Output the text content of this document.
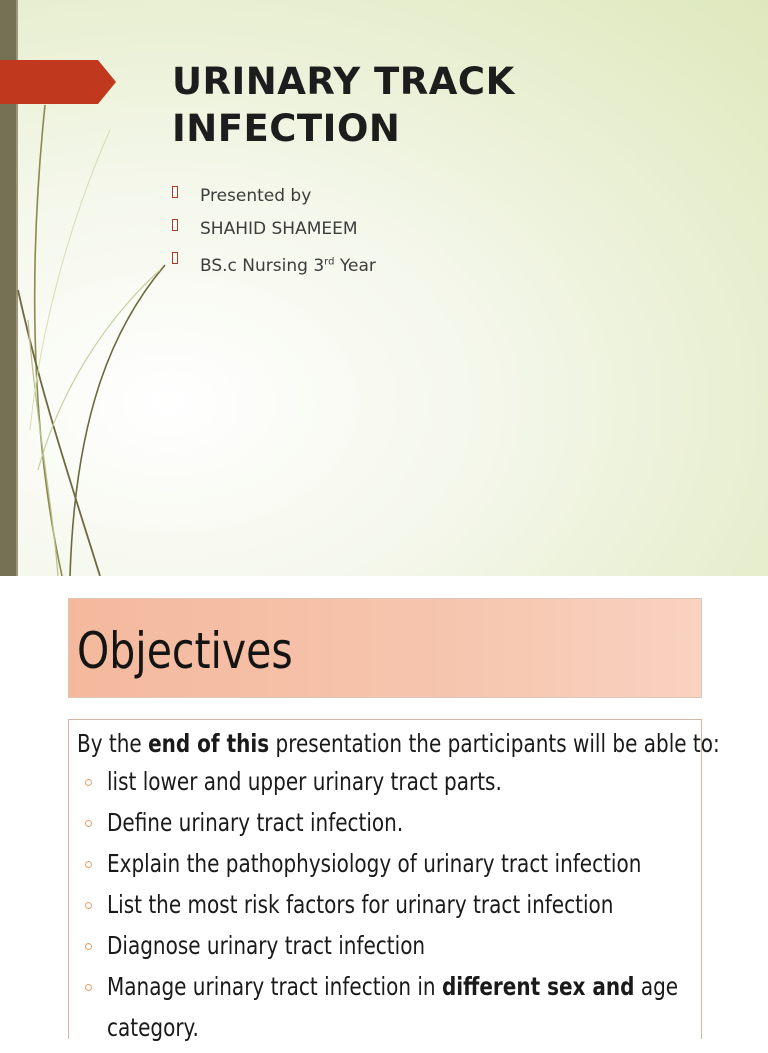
URINARY TRACK
INFECTION
Presented by
SHAHID SHAMEEM
BS.c Nursing 3rd Year
Objectives

By the end of this presentation the participants will be able to:

list lower and upper urinary tract parts.
Define urinary tract infection.
Explain the pathophysiology of urinary tract infection
List the most risk factors for urinary tract infection
Diagnose urinary tract infection
Manage urinary tract infection in different sex and age
category.
